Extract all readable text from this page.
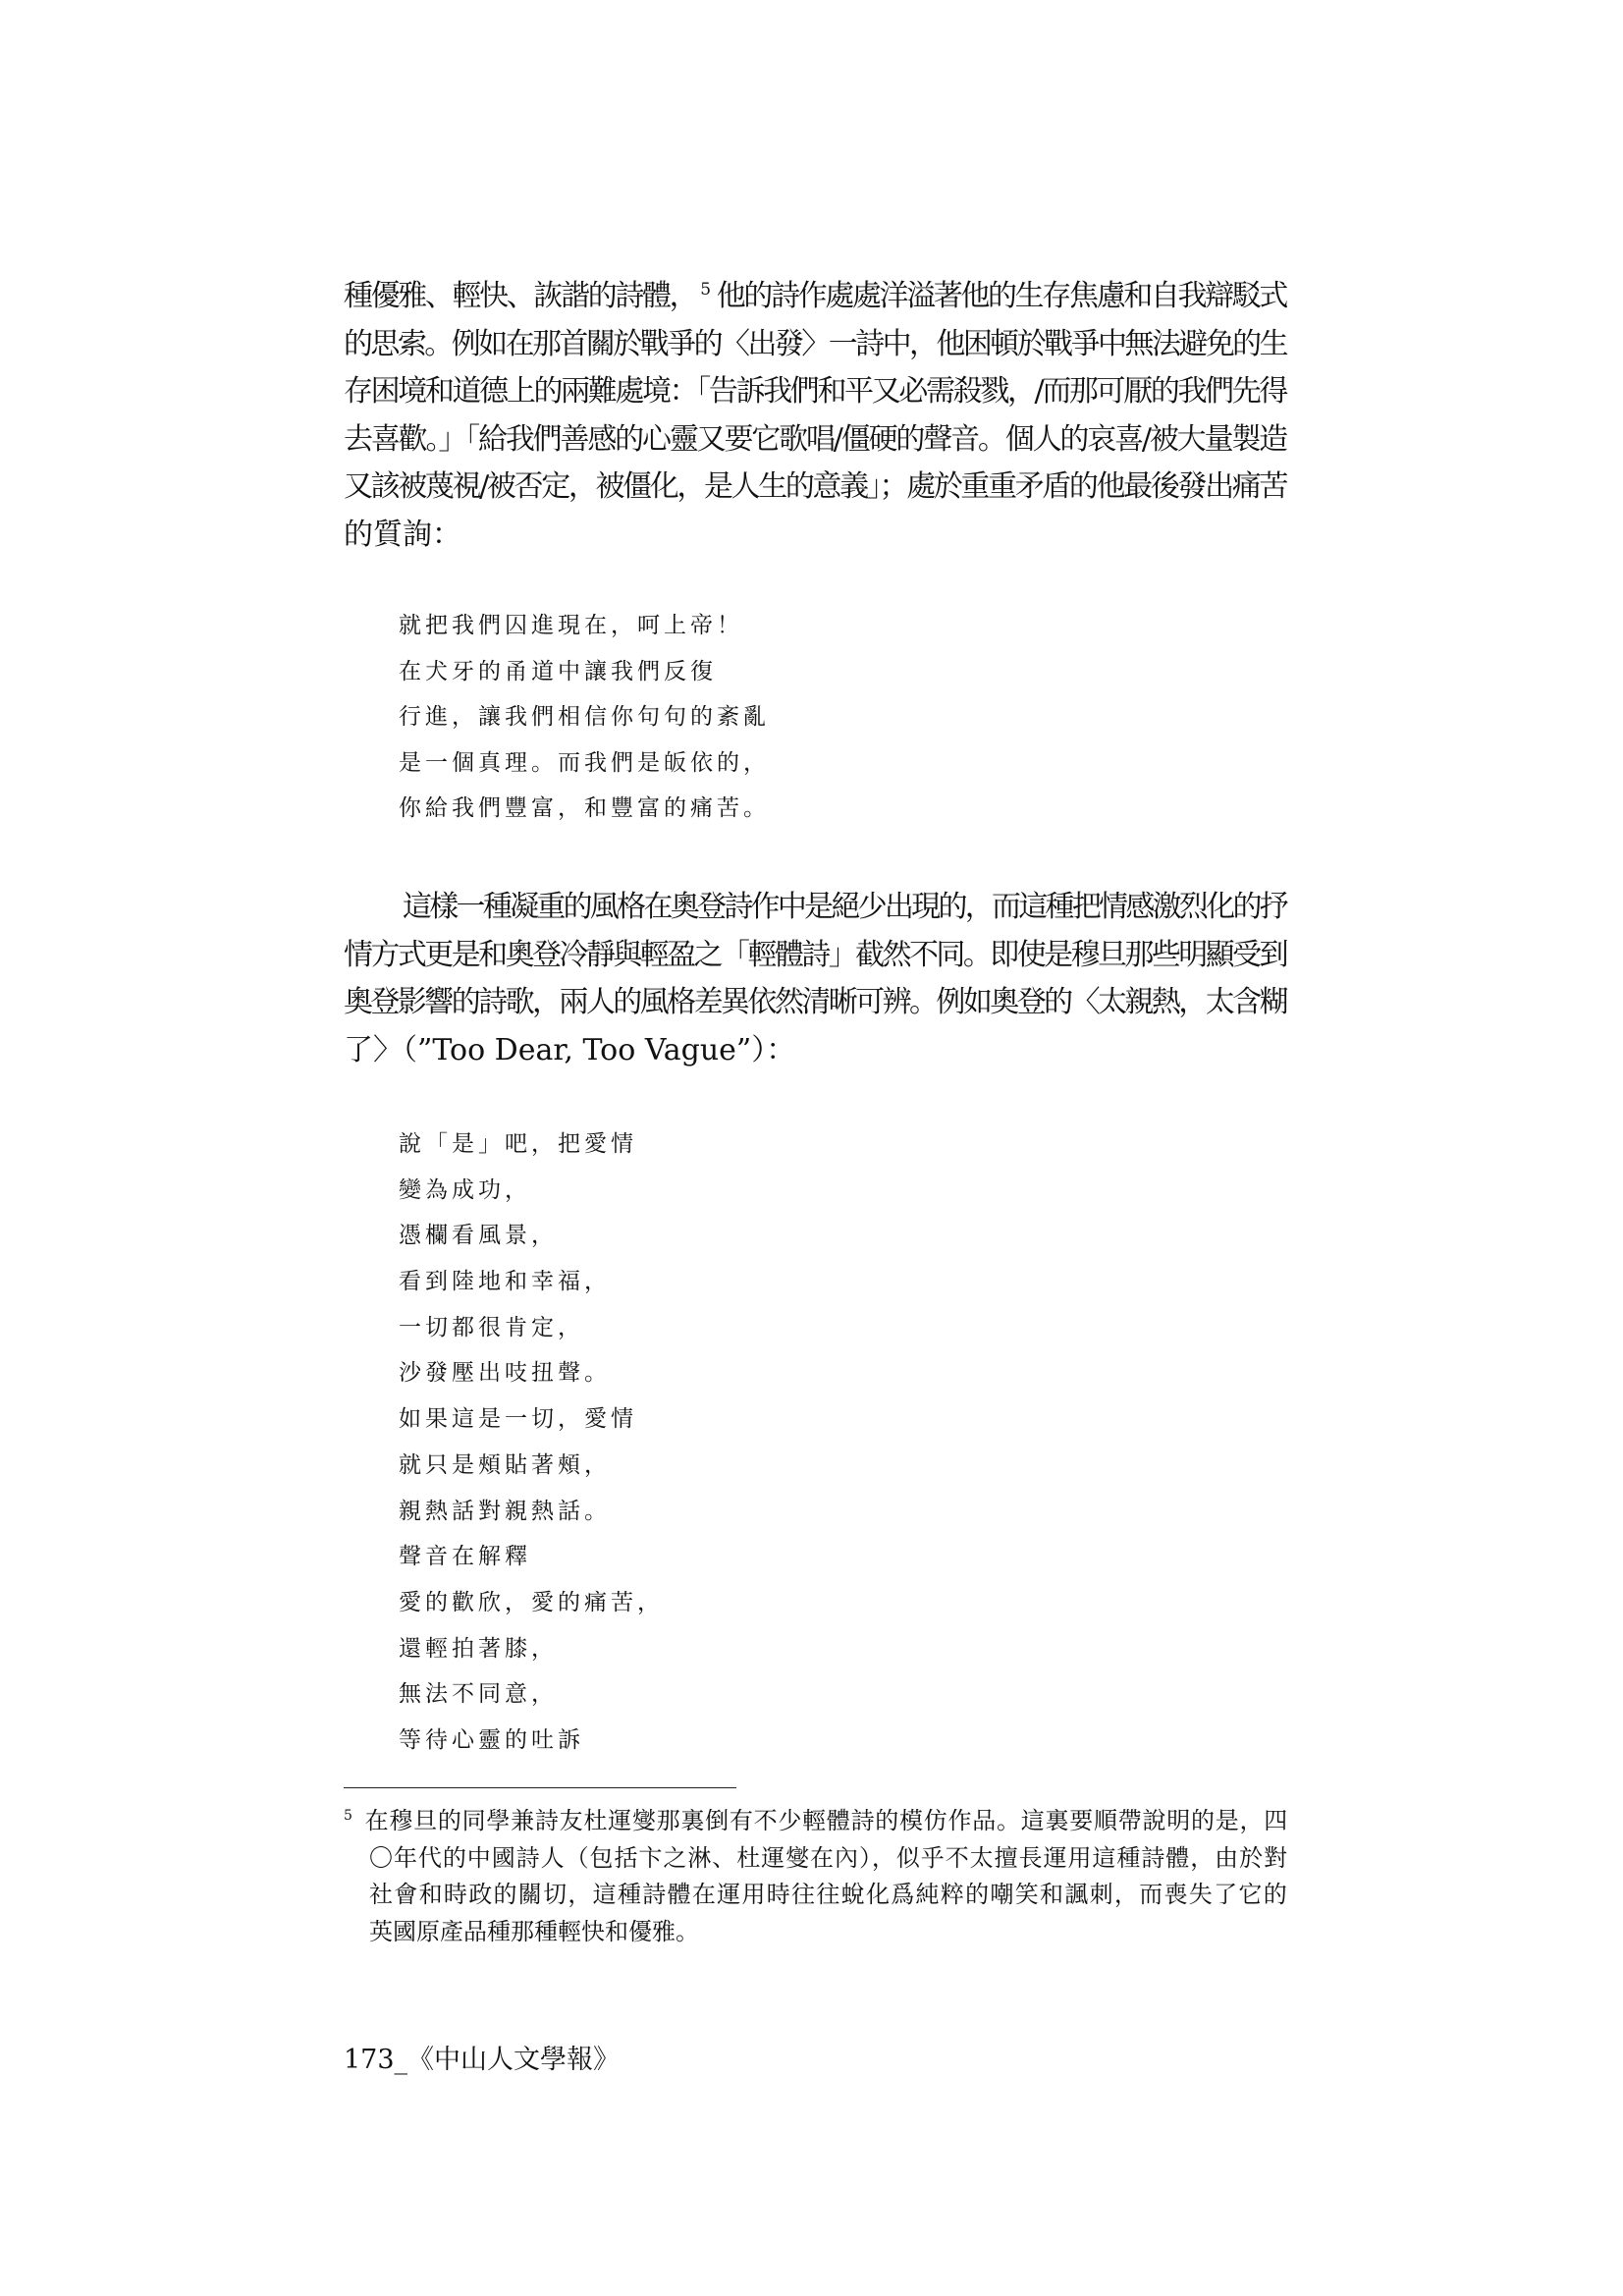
種優雅、輕快、詼諧的詩體， $^5$ 他的詩作處處洋溢著他的生存焦慮和自我辯駁式
的思索。例如在那首關於戰爭的〈出發〉一詩中，他困頓於戰爭中無法避免的生
存困境和道德上的兩難處境：「告訴我們和平又必需殺戮，/而那可厭的我們先得
去喜歡。」「給我們善感的心靈又要它歌唱/僵硬的聲音。個人的哀喜/被大量製造
又該被蔑視/被否定，被僵化，是人生的意義」；處於重重矛盾的他最後發出痛苦
的質詢：
就把我們囚進現在，呵上帝！
在犬牙的甬道中讓我們反復
行進，讓我們相信你句句的紊亂
是一個真理。而我們是皈依的，
你給我們豐富，和豐富的痛苦。
這樣一種凝重的風格在奧登詩作中是絕少出現的，而這種把情感激烈化的抒
情方式更是和奧登冷靜與輕盈之「輕體詩」截然不同。即使是穆旦那些明顯受到
奧登影響的詩歌，兩人的風格差異依然清晰可辨。例如奧登的〈太親熱，太含糊
了〉（”Too Dear, Too Vague”）：
說「是」吧，把愛情
變為成功，
憑欄看風景，
看到陸地和幸福，
一切都很肯定，
沙發壓出吱扭聲。
如果這是一切，愛情
就只是頰貼著頰，
親熱話對親熱話。
聲音在解釋
愛的歡欣，愛的痛苦，
還輕拍著膝，
無法不同意，
等待心靈的吐訴
$^5$ 在穆旦的同學兼詩友杜運燮那裏倒有不少輕體詩的模仿作品。這裏要順帶說明的是，四
〇年代的中國詩人（包括卞之淋、杜運燮在內），似乎不太擅長運用這種詩體，由於對
社會和時政的關切，這種詩體在運用時往往蛻化爲純粹的嘲笑和諷刺，而喪失了它的
英國原產品種那種輕快和優雅。
173_《中山人文學報》
